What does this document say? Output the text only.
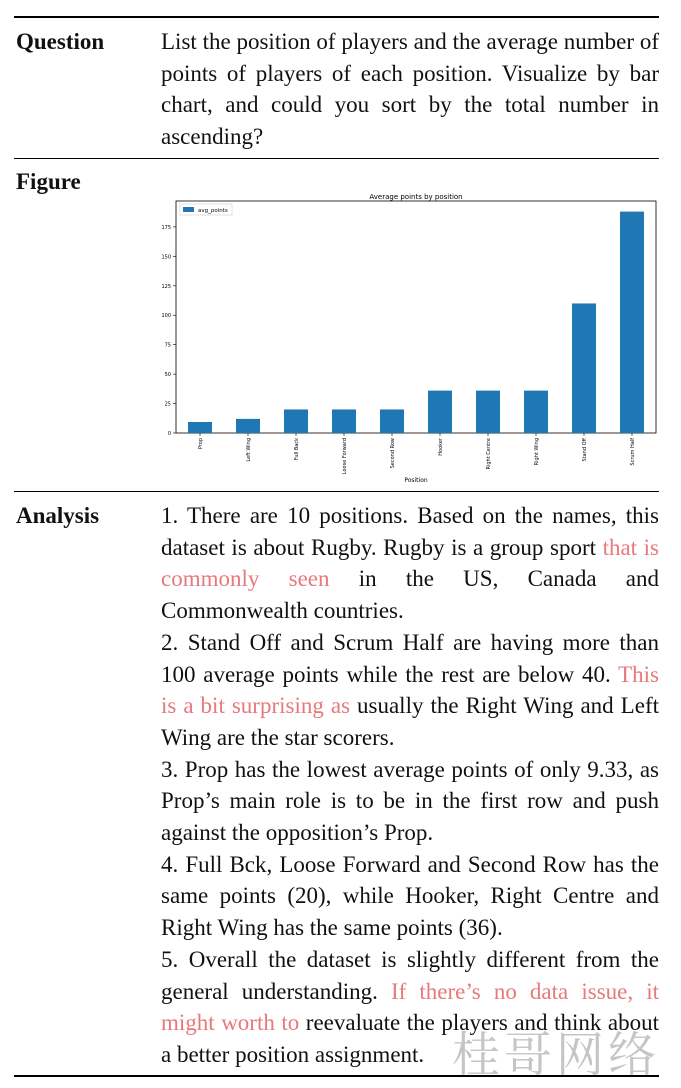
Question List the position of players and the average number of points of players of each position. Visualize by bar chart, and could you sort by the total number in ascending?

Figure
Average points by position
0
25
50
75
100
125
150
175
Prop	Left Wing	Full Back	Loose Forward	Second Row	Hooker	Right Centre	Right Wing	Stand Off	Scrum Half
avg_points
Position
Analysis	1. There are 10 positions. Based on the names, this dataset is about Rugby. Rugby is a group sport that is commonly seen in the US, Canada and Commonwealth countries.

2. Stand Off and Scrum Half are having more than 100 average points while the rest are below 40. This is a bit surprising as usually the Right Wing and Left Wing are the star scorers.

3. Prop has the lowest average points of only 9.33, as Prop’s main role is to be in the first row and push against the opposition’s Prop.

4. Full Bck, Loose Forward and Second Row has the same points (20), while Hooker, Right Centre and Right Wing has the same points (36).

5. Overall the dataset is slightly different from the general understanding. If there’s no data issue, it might worth to reevaluate the players and think about a better position assignment. 桂哥网络
